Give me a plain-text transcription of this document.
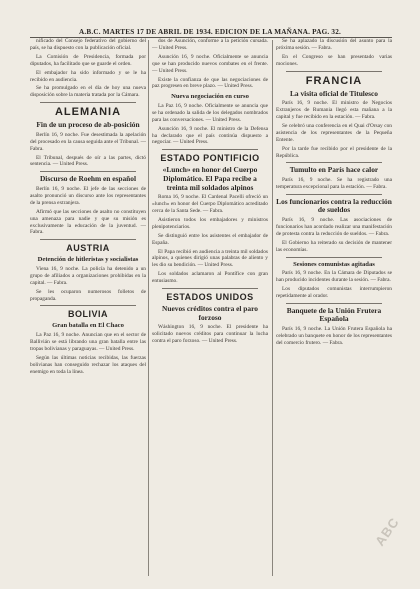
A.B.C. MARTES 17 DE ABRIL DE 1934. EDICION DE LA MAÑANA. PAG. 32.

nificado del Consejo federativo del gobierno del país, se ha dispuesto con la publicación oficial.

La Comisión de Presidencia, formada por diputados, ha facilitado que se guarde el orden.

El embajador ha sido informado y se le ha recibido en audiencia.

Se ha promulgado en el día de hoy una nueva disposición sobre la materia tratada por la Cámara.

ALEMANIA
Fin de un proceso de ab-posición

Berlín 16, 9 noche. Fue desestimada la apelación del procesado en la causa seguida ante el Tribunal. — Fabra.

El Tribunal, después de oír a las partes, dictó sentencia. — United Press.

Discurso de Roehm en español

Berlín 16, 9 noche. El jefe de las secciones de asalto pronunció un discurso ante los representantes de la prensa extranjera.

Afirmó que las secciones de asalto no constituyen una amenaza para nadie y que su misión es exclusivamente la educación de la juventud. — Fabra.

AUSTRIA
Detención de hitleristas y socialistas

Viena 16, 9 noche. La policía ha detenido a un grupo de afiliados a organizaciones prohibidas en la capital. — Fabra.

Se les ocuparon numerosos folletos de propaganda.

BOLIVIA
Gran batalla en El Chaco

La Paz 16, 9 noche. Anuncian que en el sector de Ballivián se está librando una gran batalla entre las tropas bolivianas y paraguayas. — United Press.

Según las últimas noticias recibidas, las fuerzas bolivianas han conseguido rechazar los ataques del enemigo en toda la línea.

dos de Asunción, conforme a la petición cursada. — United Press.

Asunción 16, 9 noche. Oficialmente se anuncia que se han producido nuevos combates en el frente. — United Press.

Existe la confianza de que las negociaciones de paz progresen en breve plazo. — United Press.

Nueva negociación en curso

La Paz 16, 9 noche. Oficialmente se anuncia que se ha ordenado la salida de los delegados nombrados para las conversaciones. — United Press.

Asunción 16, 9 noche. El ministro de la Defensa ha declarado que el país continúa dispuesto a negociar. — United Press.

ESTADO PONTIFICIO
«Lunch» en honor del Cuerpo Diplomático. El Papa recibe a treinta mil soldados alpinos

Roma 16, 9 noche. El Cardenal Pacelli ofreció un «lunch» en honor del Cuerpo Diplomático acreditado cerca de la Santa Sede. — Fabra.

Asistieron todos los embajadores y ministros plenipotenciarios.

Se distinguió entre los asistentes el embajador de España.

El Papa recibió en audiencia a treinta mil soldados alpinos, a quienes dirigió unas palabras de aliento y les dio su bendición. — United Press.

Los soldados aclamaron al Pontífice con gran entusiasmo.

ESTADOS UNIDOS
Nuevos créditos contra el paro forzoso

Wáshington 16, 9 noche. El presidente ha solicitado nuevos créditos para continuar la lucha contra el paro forzoso. — United Press.

Se ha aplazado la discusión del asunto para la próxima sesión. — Fabra.

En el Congreso se han presentado varias mociones.

FRANCIA
La visita oficial de Titulesco

París 16, 9 noche. El ministro de Negocios Extranjeros de Rumania llegó esta mañana a la capital y fue recibido en la estación. — Fabra.

Se celebró una conferencia en el Quai d'Orsay con asistencia de los representantes de la Pequeña Entente.

Por la tarde fue recibido por el presidente de la República.

Tumulto en París hace calor

París 16, 9 noche. Se ha registrado una temperatura excepcional para la estación. — Fabra.

Los funcionarios contra la reducción de sueldos

París 16, 9 noche. Las asociaciones de funcionarios han acordado realizar una manifestación de protesta contra la reducción de sueldos. — Fabra.

El Gobierno ha reiterado su decisión de mantener las economías.

Sesiones comunistas agitadas

París 16, 9 noche. En la Cámara de Diputados se han producido incidentes durante la sesión. — Fabra.

Los diputados comunistas interrumpieron repetidamente al orador.

Banquete de la Unión Frutera Española

París 16, 9 noche. La Unión Frutera Española ha celebrado un banquete en honor de los representantes del comercio frutero. — Fabra.

ABC
